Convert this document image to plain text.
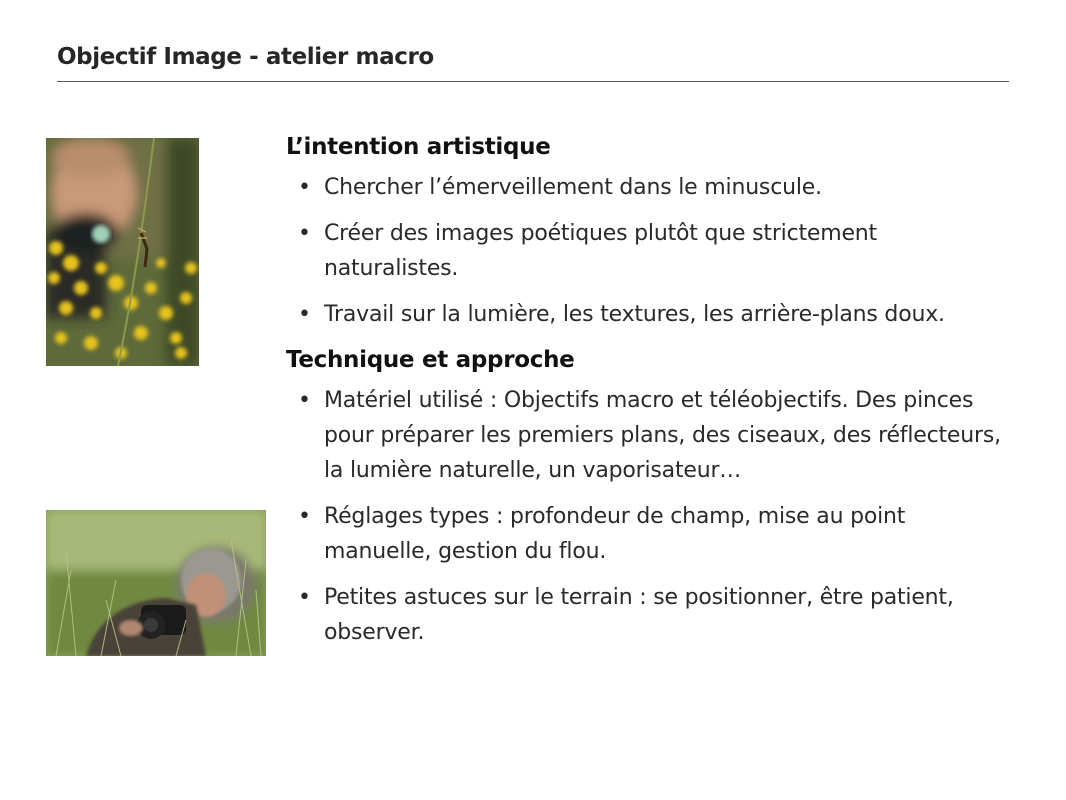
Objectif Image - atelier macro
L’intention artistique
• Chercher l’émerveillement dans le minuscule.
• Créer des images poétiques plutôt que strictement naturalistes.
• Travail sur la lumière, les textures, les arrière-plans doux.
Technique et approche
• Matériel utilisé : Objectifs macro et téléobjectifs. Des pinces pour préparer les premiers plans, des ciseaux, des réflecteurs, la lumière naturelle, un vaporisateur…
• Réglages types : profondeur de champ, mise au point manuelle, gestion du flou.
• Petites astuces sur le terrain : se positionner, être patient, observer.
